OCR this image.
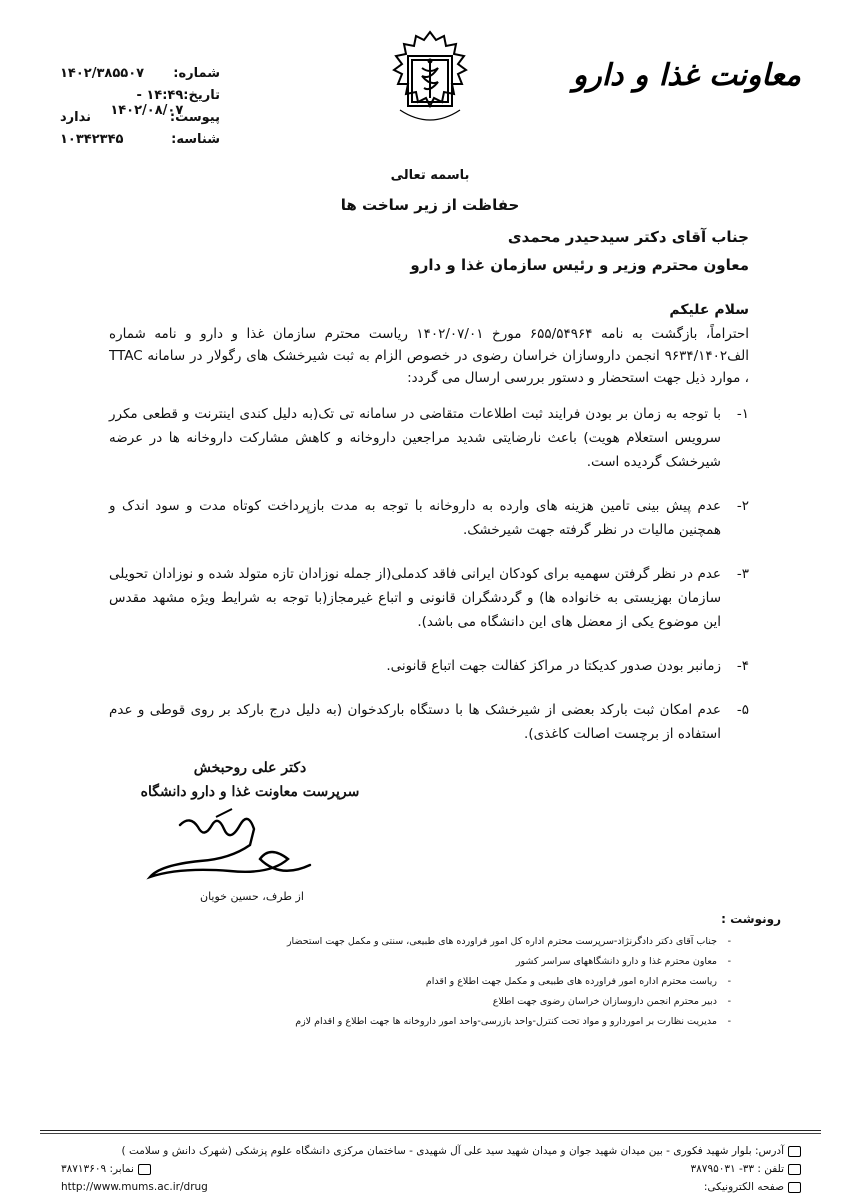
معاونت غذا و دارو
شماره:
۱۴۰۲/۳۸۵۵۰۷
تاریخ:
۱۴:۴۹ - ۱۴۰۲/۰۸/۰۷
پیوست:
ندارد
شناسه:
۱۰۳۴۲۳۴۵
باسمه تعالی
حفاظت از زیر ساخت ها
جناب آقای دکتر سیدحیدر محمدی
معاون محترم وزیر و رئیس سازمان غذا و دارو
سلام علیکم
احتراماً، بازگشت به نامه ۶۵۵/۵۴۹۶۴ مورخ ۱۴۰۲/۰۷/۰۱ ریاست محترم سازمان غذا و دارو و نامه شماره الف۹۶۳۴/۱۴۰۲ انجمن داروسازان خراسان رضوی در خصوص الزام به ثبت شیرخشک های رگولار در سامانه TTAC ، موارد ذیل جهت استحضار و دستور بررسی ارسال می گردد:
۱-
با توجه به زمان بر بودن فرایند ثبت اطلاعات متقاضی در سامانه تی تک(به دلیل کندی اینترنت و قطعی مکرر سرویس استعلام هویت) باعث نارضایتی شدید مراجعین داروخانه و کاهش مشارکت داروخانه ها در عرضه شیرخشک گردیده است.
۲-
عدم پیش بینی تامین هزینه های وارده به داروخانه با توجه به مدت بازپرداخت کوتاه مدت و سود اندک و همچنین مالیات در نظر گرفته جهت شیرخشک.
۳-
عدم در نظر گرفتن سهمیه برای کودکان ایرانی فاقد کدملی(از جمله نوزادان تازه متولد شده و نوزادان تحویلی سازمان بهزیستی به خانواده ها) و گردشگران قانونی و اتباع غیرمجاز(با توجه به شرایط ویژه مشهد مقدس این موضوع یکی از معضل های این دانشگاه می باشد).
۴-
زمانبر بودن صدور کدیکتا در مراکز کفالت جهت اتباع قانونی.
۵-
عدم امکان ثبت بارکد بعضی از شیرخشک ها با دستگاه بارکدخوان (به دلیل درج بارکد بر روی قوطی و عدم استفاده از برچست اصالت کاغذی).
دکتر علی روحبخش
سرپرست معاونت غذا و دارو دانشگاه
از طرف، حسین خویان
رونوشت :
- جناب آقای دکتر دادگرنژاد-سرپرست محترم اداره کل امور فراورده های طبیعی، سنتی و مکمل جهت استحضار
- معاون محترم غذا و دارو دانشگاههای سراسر کشور
- ریاست محترم اداره امور فراورده های طبیعی و مکمل جهت اطلاع و اقدام
- دبیر محترم انجمن داروسازان خراسان رضوی جهت اطلاع
- مدیریت نظارت بر اموردارو و مواد تحت کنترل-واحد بازرسی-واحد امور داروخانه ها جهت اطلاع و اقدام لازم
آدرس: بلوار شهید فکوری - بین میدان شهید جوان و میدان شهید سید علی آل شهیدی - ساختمان مرکزی دانشگاه علوم پزشکی (شهرک دانش و سلامت )
تلفن : ۳۳- ۳۸۷۹۵۰۳۱
نمابر: ۳۸۷۱۳۶۰۹
صفحه الکترونیکی:
http://www.mums.ac.ir/drug
